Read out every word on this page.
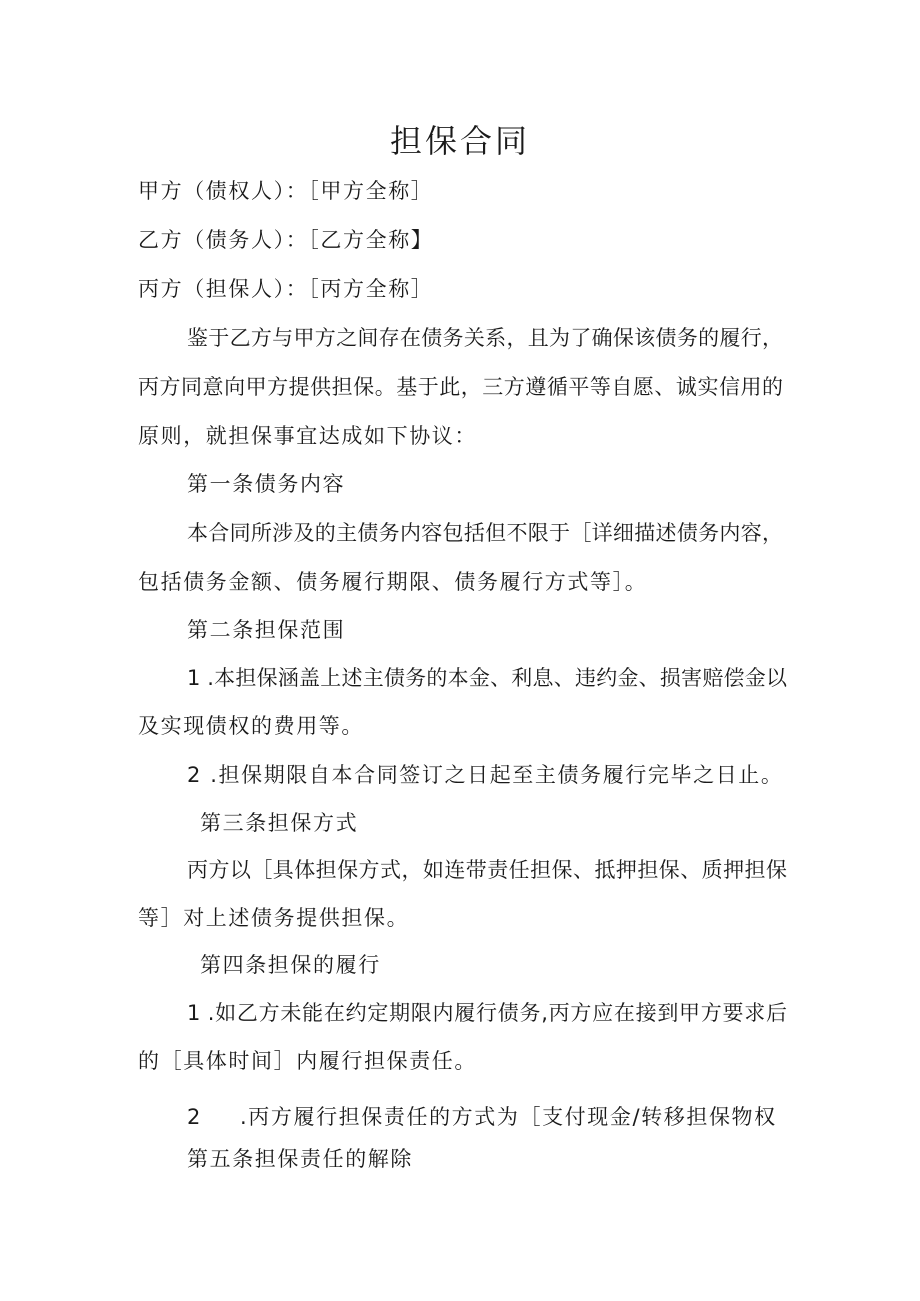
担保合同

甲方（债权人）：［甲方全称］

乙方（债务人）：［乙方全称】

丙方（担保人）：［丙方全称］

鉴于乙方与甲方之间存在债务关系，且为了确保该债务的履行，

丙方同意向甲方提供担保。基于此，三方遵循平等自愿、诚实信用的

原则，就担保事宜达成如下协议：

第一条债务内容

本合同所涉及的主债务内容包括但不限于［详细描述债务内容，

包括债务金额、债务履行期限、债务履行方式等］。

第二条担保范围

1 .本担保涵盖上述主债务的本金、利息、违约金、损害赔偿金以

及实现债权的费用等。

2 .担保期限自本合同签订之日起至主债务履行完毕之日止。

第三条担保方式

丙方以［具体担保方式，如连带责任担保、抵押担保、质押担保

等］对上述债务提供担保。

第四条担保的履行

1 .如乙方未能在约定期限内履行债务,丙方应在接到甲方要求后

的［具体时间］内履行担保责任。

2 .丙方履行担保责任的方式为［支付现金/转移担保物权

第五条担保责任的解除
